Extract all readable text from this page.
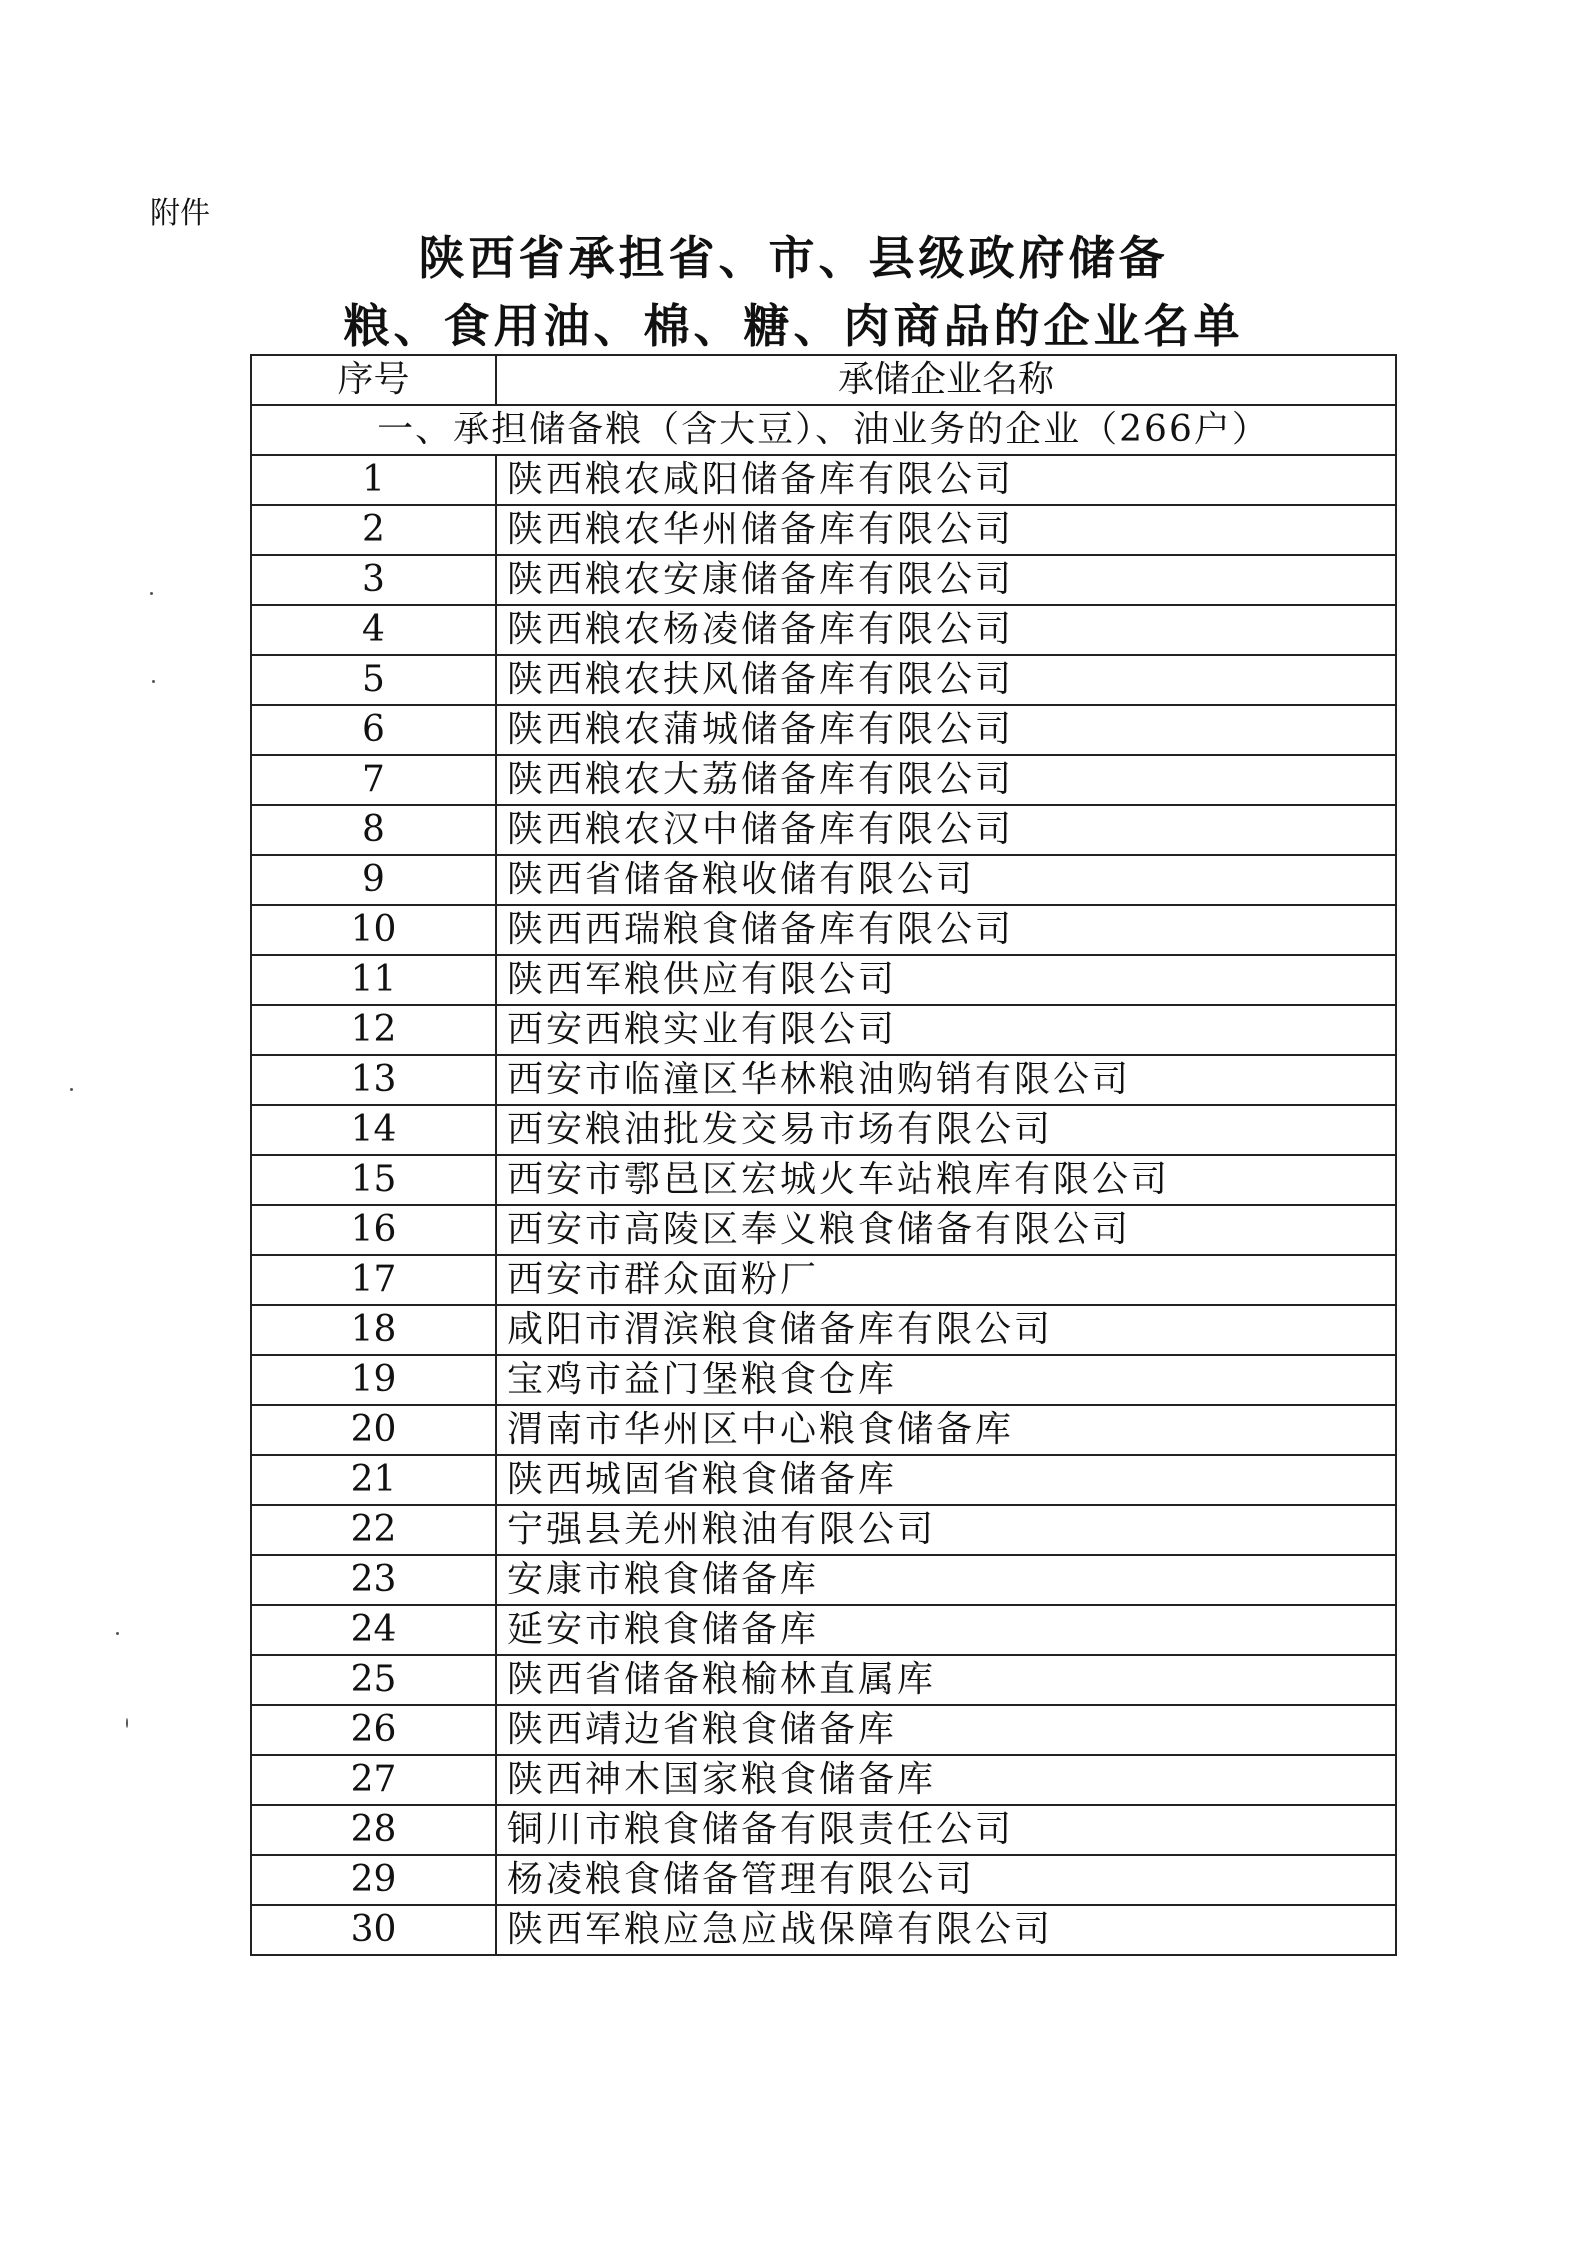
附件
陕西省承担省、市、县级政府储备
粮、食用油、棉、糖、肉商品的企业名单
序号	承储企业名称
一、承担储备粮（含大豆）、油业务的企业（266户）	
1	陕西粮农咸阳储备库有限公司
2	陕西粮农华州储备库有限公司
3	陕西粮农安康储备库有限公司
4	陕西粮农杨凌储备库有限公司
5	陕西粮农扶风储备库有限公司
6	陕西粮农蒲城储备库有限公司
7	陕西粮农大荔储备库有限公司
8	陕西粮农汉中储备库有限公司
9	陕西省储备粮收储有限公司
10	陕西西瑞粮食储备库有限公司
11	陕西军粮供应有限公司
12	西安西粮实业有限公司
13	西安市临潼区华林粮油购销有限公司
14	西安粮油批发交易市场有限公司
15	西安市鄠邑区宏城火车站粮库有限公司
16	西安市高陵区奉义粮食储备有限公司
17	西安市群众面粉厂
18	咸阳市渭滨粮食储备库有限公司
19	宝鸡市益门堡粮食仓库
20	渭南市华州区中心粮食储备库
21	陕西城固省粮食储备库
22	宁强县羌州粮油有限公司
23	安康市粮食储备库
24	延安市粮食储备库
25	陕西省储备粮榆林直属库
26	陕西靖边省粮食储备库
27	陕西神木国家粮食储备库
28	铜川市粮食储备有限责任公司
29	杨凌粮食储备管理有限公司
30	陕西军粮应急应战保障有限公司
